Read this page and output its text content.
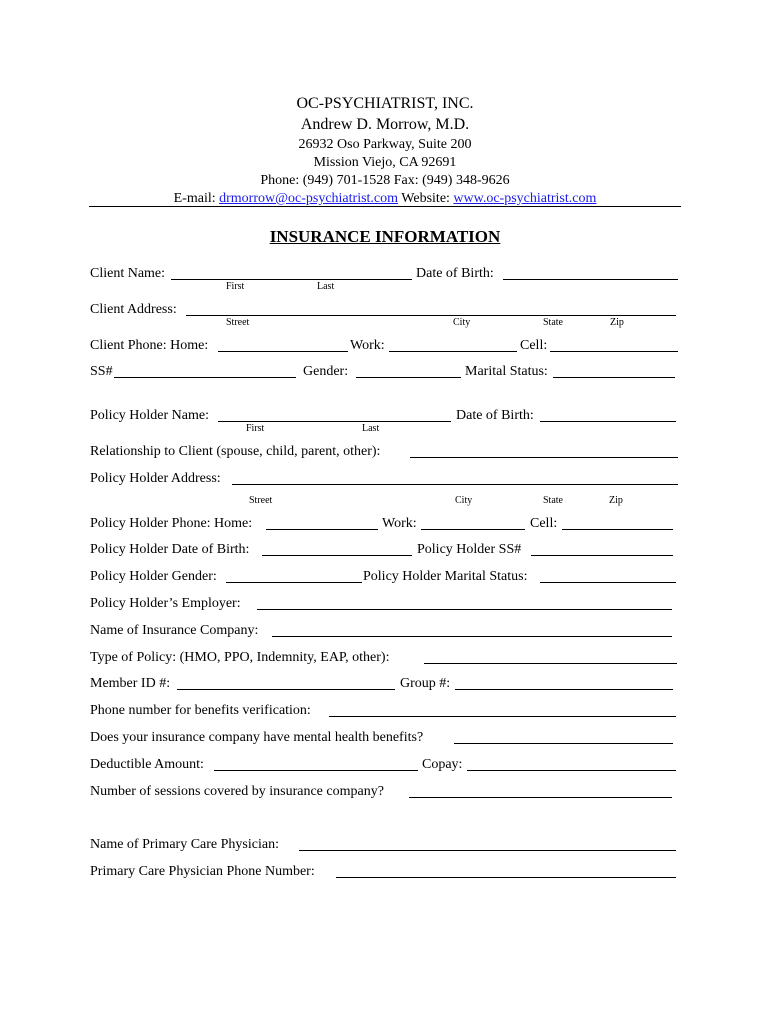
OC-PSYCHIATRIST, INC.
Andrew D. Morrow, M.D.
26932 Oso Parkway, Suite 200
Mission Viejo, CA 92691
Phone: (949) 701-1528 Fax: (949) 348-9626
E-mail: drmorrow@oc-psychiatrist.com Website: www.oc-psychiatrist.com
INSURANCE INFORMATION
Client Name:	Date of Birth:
First	Last
Client Address:
Street	City	State	Zip
Client Phone: Home:	Work:	Cell:
SS#	Gender:	Marital Status:
Policy Holder Name:	Date of Birth:
First	Last
Relationship to Client (spouse, child, parent, other):
Policy Holder Address:
Street	City	State	Zip
Policy Holder Phone: Home:	Work:	Cell:
Policy Holder Date of Birth:	Policy Holder SS#
Policy Holder Gender:	Policy Holder Marital Status:
Policy Holder’s Employer:
Name of Insurance Company:
Type of Policy: (HMO, PPO, Indemnity, EAP, other):
Member ID #:	Group #:
Phone number for benefits verification:
Does your insurance company have mental health benefits?
Deductible Amount:	Copay:
Number of sessions covered by insurance company?
Name of Primary Care Physician:
Primary Care Physician Phone Number:
